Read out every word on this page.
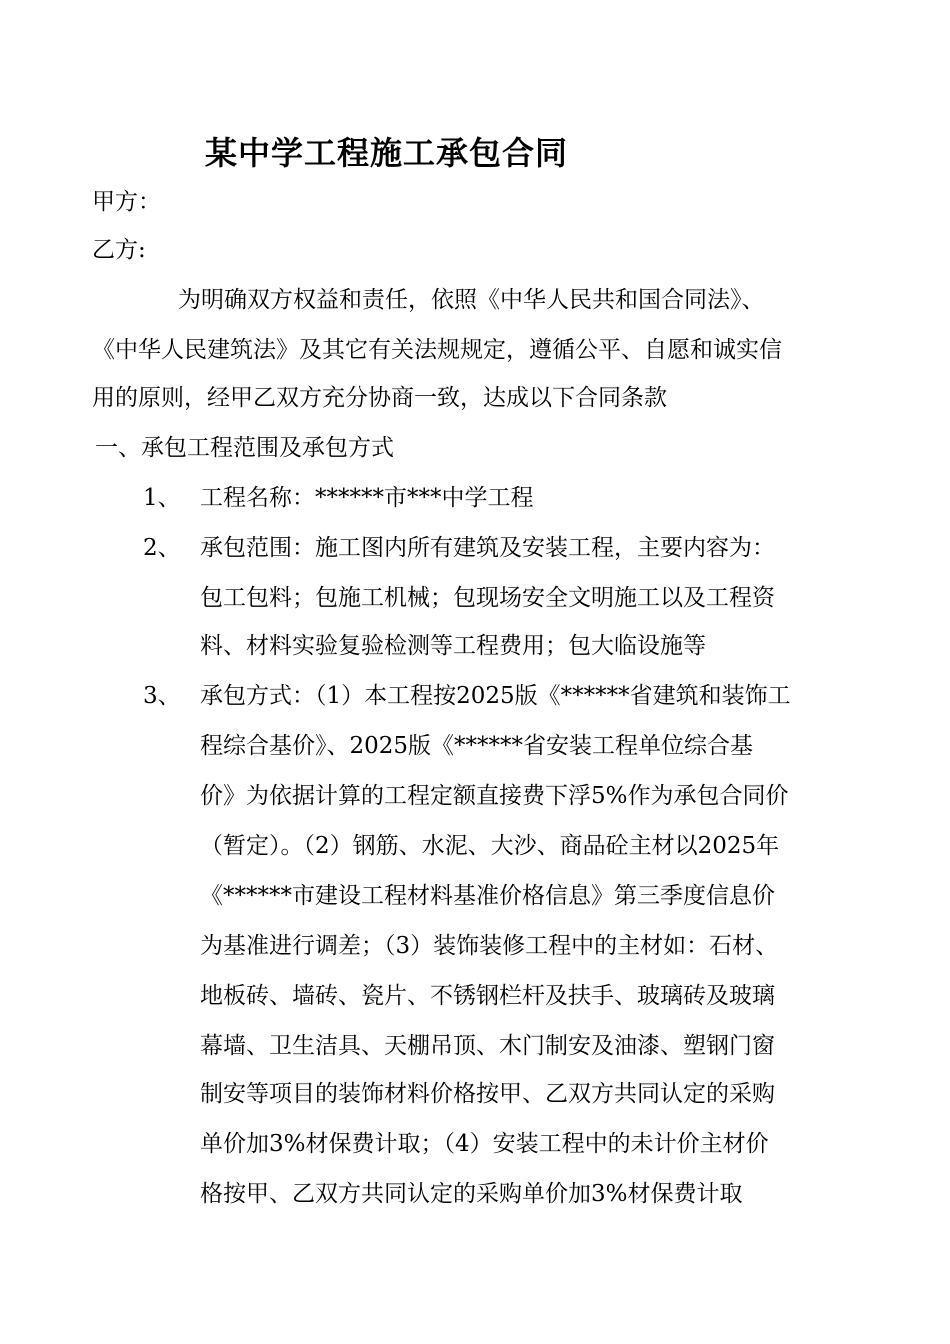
某中学工程施工承包合同
甲方：
乙方:
为明确双方权益和责任，依照《中华人民共和国合同法》、
《中华人民建筑法》及其它有关法规规定，遵循公平、自愿和诚实信
用的原则，经甲乙双方充分协商一致，达成以下合同条款
一、承包工程范围及承包方式
1、 工程名称：******市***中学工程
2、 承包范围：施工图内所有建筑及安装工程，主要内容为：
包工包料；包施工机械；包现场安全文明施工以及工程资
料、材料实验复验检测等工程费用；包大临设施等
3、 承包方式：（1）本工程按2025版《******省建筑和装饰工
程综合基价》、2025版《******省安装工程单位综合基
价》为依据计算的工程定额直接费下浮5%作为承包合同价
（暂定）。（2）钢筋、水泥、大沙、商品砼主材以2025年
《******市建设工程材料基准价格信息》第三季度信息价
为基准进行调差；（3）装饰装修工程中的主材如：石材、
地板砖、墙砖、瓷片、不锈钢栏杆及扶手、玻璃砖及玻璃
幕墙、卫生洁具、天棚吊顶、木门制安及油漆、塑钢门窗
制安等项目的装饰材料价格按甲、乙双方共同认定的采购
单价加3%材保费计取；（4）安装工程中的未计价主材价
格按甲、乙双方共同认定的采购单价加3%材保费计取
